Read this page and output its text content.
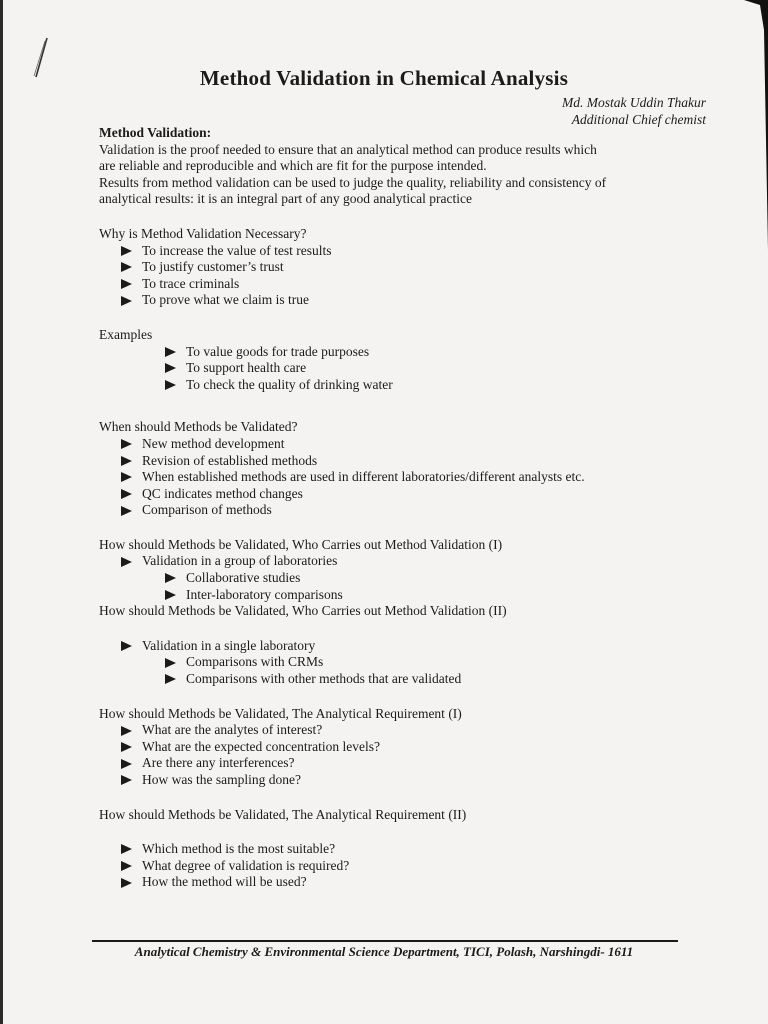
Method Validation in Chemical Analysis
Md. Mostak Uddin Thakur
Additional Chief chemist
Method Validation:
Validation is the proof needed to ensure that an analytical method can produce results which
are reliable and reproducible and which are fit for the purpose intended.
Results from method validation can be used to judge the quality, reliability and consistency of
analytical results: it is an integral part of any good analytical practice
Why is Method Validation Necessary?
To increase the value of test results
To justify customer’s trust
To trace criminals
To prove what we claim is true
Examples
To value goods for trade purposes
To support health care
To check the quality of drinking water
When should Methods be Validated?
New method development
Revision of established methods
When established methods are used in different laboratories/different analysts etc.
QC indicates method changes
Comparison of methods
How should Methods be Validated, Who Carries out Method Validation (I)
Validation in a group of laboratories
Collaborative studies
Inter-laboratory comparisons
How should Methods be Validated, Who Carries out Method Validation (II)
Validation in a single laboratory
Comparisons with CRMs
Comparisons with other methods that are validated
How should Methods be Validated, The Analytical Requirement (I)
What are the analytes of interest?
What are the expected concentration levels?
Are there any interferences?
How was the sampling done?
How should Methods be Validated, The Analytical Requirement (II)
Which method is the most suitable?
What degree of validation is required?
How the method will be used?
Analytical Chemistry & Environmental Science Department, TICI, Polash, Narshingdi- 1611
